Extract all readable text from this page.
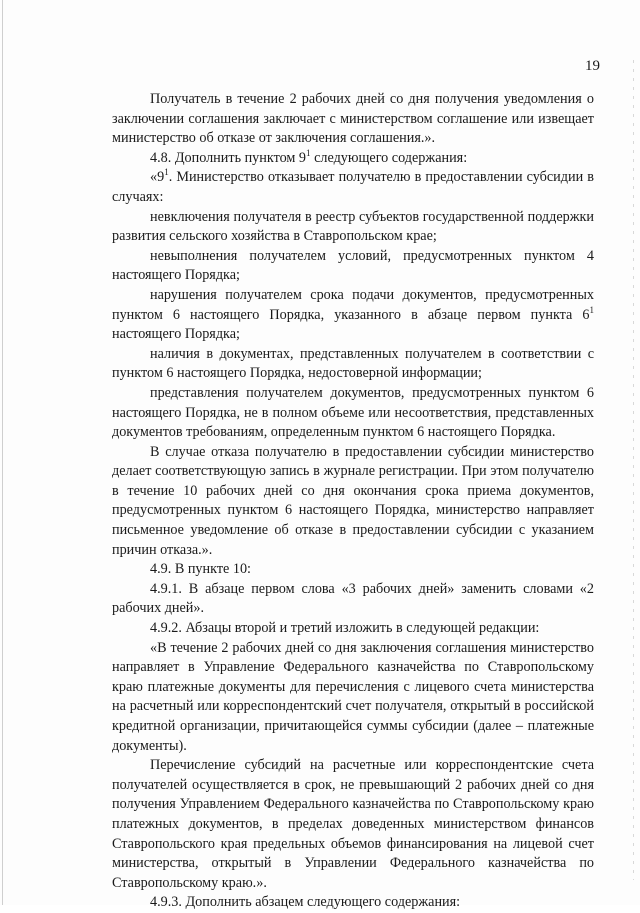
19

Получатель в течение 2 рабочих дней со дня получения уведомления о заключении соглашения заключает с министерством соглашение или извещает министерство об отказе от заключения соглашения.».

4.8. Дополнить пунктом $9^1$ следующего содержания:

«$9^1$. Министерство отказывает получателю в предоставлении субсидии в случаях:

невключения получателя в реестр субъектов государственной поддержки развития сельского хозяйства в Ставропольском крае;

невыполнения получателем условий, предусмотренных пунктом 4 настоящего Порядка;

нарушения получателем срока подачи документов, предусмотренных пунктом 6 настоящего Порядка, указанного в абзаце первом пункта $6^1$ настоящего Порядка;

наличия в документах, представленных получателем в соответствии с пунктом 6 настоящего Порядка, недостоверной информации;

представления получателем документов, предусмотренных пунктом 6 настоящего Порядка, не в полном объеме или несоответствия, представленных документов требованиям, определенным пунктом 6 настоящего Порядка.

В случае отказа получателю в предоставлении субсидии министерство делает соответствующую запись в журнале регистрации. При этом получателю в течение 10 рабочих дней со дня окончания срока приема документов, предусмотренных пунктом 6 настоящего Порядка, министерство направляет письменное уведомление об отказе в предоставлении субсидии с указанием причин отказа.».

4.9. В пункте 10:

4.9.1. В абзаце первом слова «3 рабочих дней» заменить словами «2 рабочих дней».

4.9.2. Абзацы второй и третий изложить в следующей редакции:

«В течение 2 рабочих дней со дня заключения соглашения министерство направляет в Управление Федерального казначейства по Ставропольскому краю платежные документы для перечисления с лицевого счета министерства на расчетный или корреспондентский счет получателя, открытый в российской кредитной организации, причитающейся суммы субсидии (далее – платежные документы).

Перечисление субсидий на расчетные или корреспондентские счета получателей осуществляется в срок, не превышающий 2 рабочих дней со дня получения Управлением Федерального казначейства по Ставропольскому краю платежных документов, в пределах доведенных министерством финансов Ставропольского края предельных объемов финансирования на лицевой счет министерства, открытый в Управлении Федерального казначейства по Ставропольскому краю.».

4.9.3. Дополнить абзацем следующего содержания:
